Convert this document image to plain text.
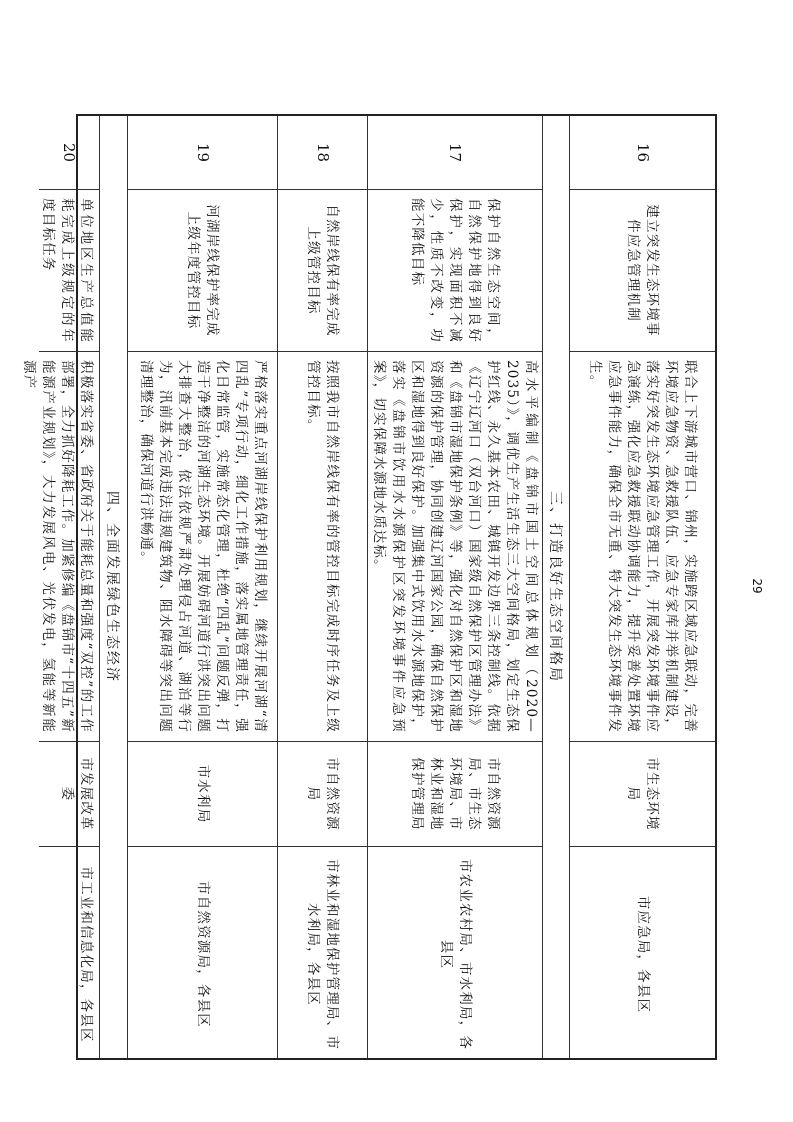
16
建立突发生态环境事件应急管理机制
联合上下游城市营口、锦州，实施跨区域应急联动，完善环境应急物资、急救援队伍、应急专家库并举机制建设，落实好突发生态环境应急管理工作，开展突发环境事件应急演练，强化应急救援联动协调能力，提升妥善处置环境应急事件能力，确保全市无重、特大突发生态环境事件发生。
市生态环境局
市应急局，各县区
三、打造良好生态空间格局
17
保护自然生态空间，自然保护地得到良好保护，实现面积不减少，性质不改变，功能不降低目标
高水平编制《盘锦市国土空间总体规划（2020—2035）》，调优生产生活生态三大空间格局，划定生态保护红线、永久基本农田、城镇开发边界三条控制线。依据《辽宁辽河口（双台河口）国家级自然保护区管理办法》和《盘锦市湿地保护条例》等，强化对自然保护区和湿地资源的保护管理，协同创建辽河国家公园，确保自然保护区和湿地得到良好保护。加强集中式饮用水水源地保护，落实《盘锦市饮用水水源保护区突发环境事件应急预案》，切实保障水源地水质达标。
市自然资源局、市生态环境局、市林业和湿地保护管理局
市农业农村局、市水利局，各县区
18
自然岸线保有率完成上级管控目标
按照我市自然岸线保有率的管控目标完成时序任务及上级管控目标。
市自然资源局
市林业和湿地保护管理局、市水利局，各县区
19
河湖岸线保护率完成上级年度管控目标
严格落实重点河湖岸线保护利用规划，继续开展河湖“清四乱”专项行动，细化工作措施，落实属地管理责任，强化日常监管，实施常态化管理，杜绝“四乱”问题反弹，打造干净整洁的河湖生态环境。开展妨碍河道行洪突出问题大排查大整治，依法依规严肃处理侵占河道、湖泊等行为，汛前基本完成违法违规建筑物、阻水障碍等突出问题清理整治，确保河道行洪畅通。
市水利局
市自然资源局，各县区
四、全面发展绿色生态经济
20
单位地区生产总值能耗完成上级规定的年度目标任务
积极落实省委、省政府关于能耗总量和强度“双控”的工作部署，全力抓好降耗工作。加紧修编《盘锦市“十四五”新能源产业规划》，大力发展风电、光伏发电，氢能等新能源产
市发展改革委
市工业和信息化局，各县区
29
